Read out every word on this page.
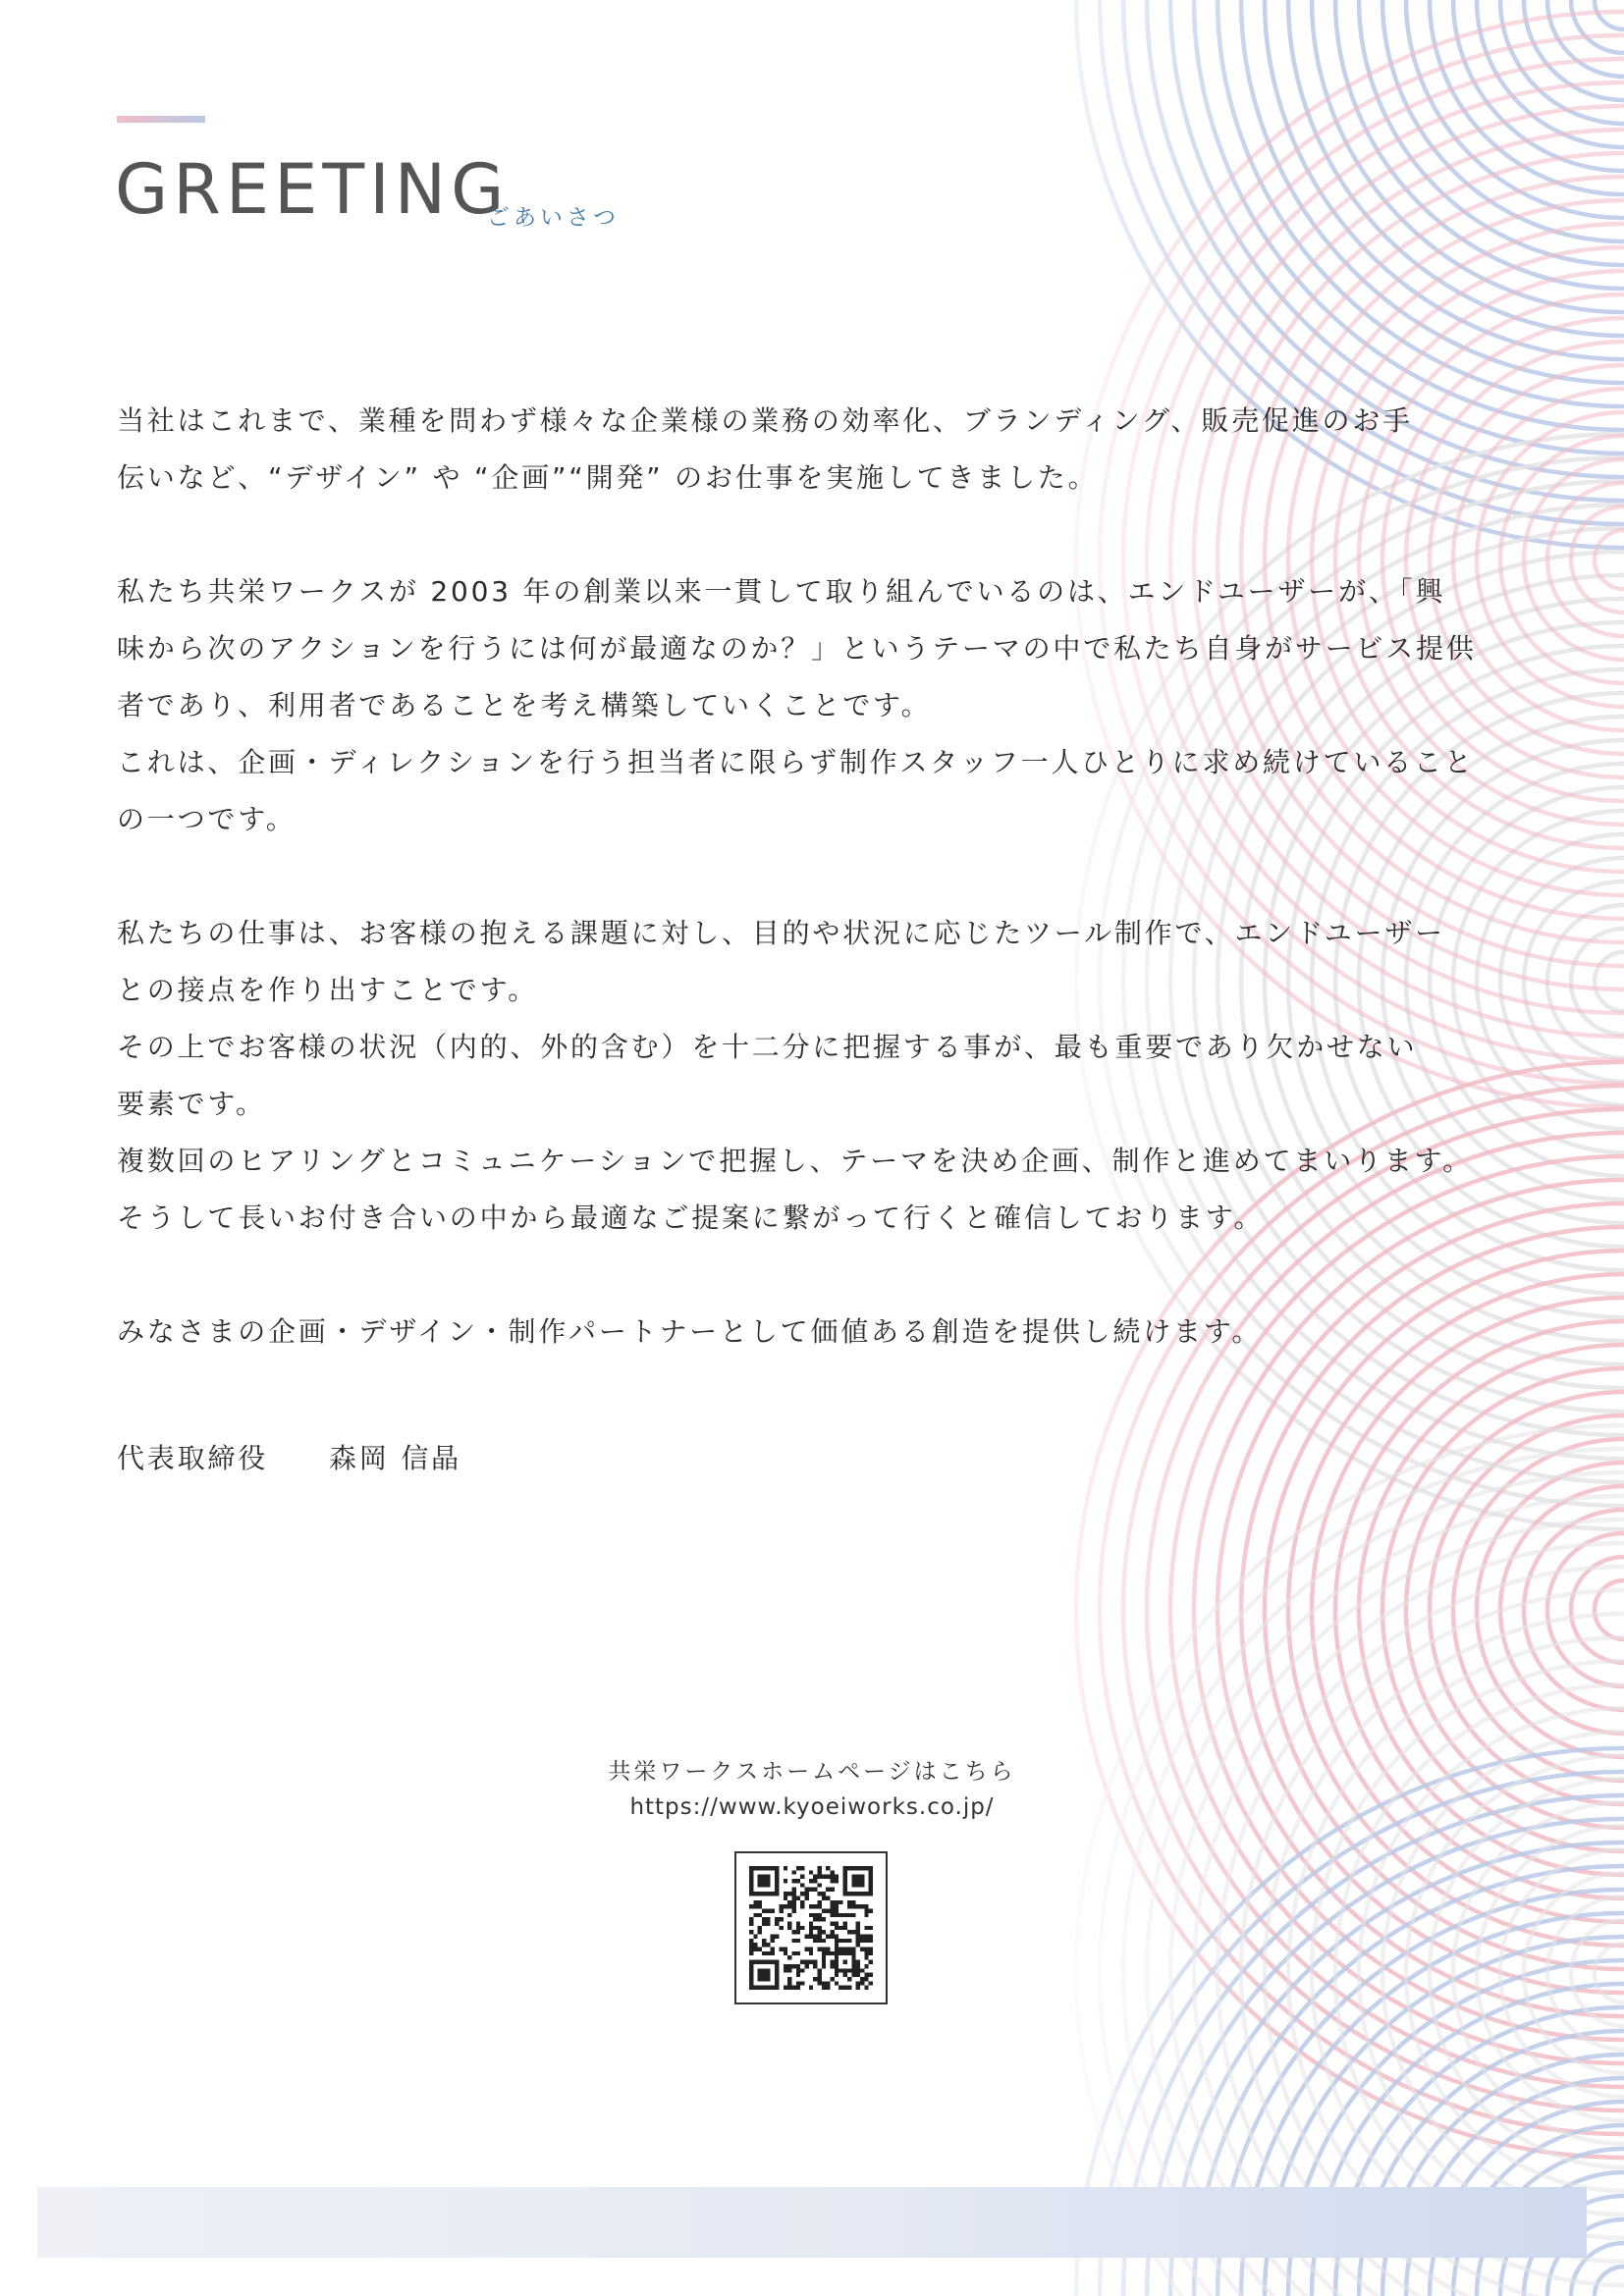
GREETING
ごあいさつ
当社はこれまで、業種を問わず様々な企業様の業務の効率化、ブランディング、販売促進のお手
伝いなど、“デザイン” や “企画”“開発” のお仕事を実施してきました。
私たち共栄ワークスが 2003 年の創業以来一貫して取り組んでいるのは、エンドユーザーが、「興
味から次のアクションを行うには何が最適なのか？」というテーマの中で私たち自身がサービス提供
者であり、利用者であることを考え構築していくことです。
これは、企画・ディレクションを行う担当者に限らず制作スタッフ一人ひとりに求め続けていること
の一つです。
私たちの仕事は、お客様の抱える課題に対し、目的や状況に応じたツール制作で、エンドユーザー
との接点を作り出すことです。
その上でお客様の状況（内的、外的含む）を十二分に把握する事が、最も重要であり欠かせない
要素です。
複数回のヒアリングとコミュニケーションで把握し、テーマを決め企画、制作と進めてまいります。
そうして長いお付き合いの中から最適なご提案に繋がって行くと確信しております。
みなさまの企画・デザイン・制作パートナーとして価値ある創造を提供し続けます。
代表取締役 森岡 信晶
共栄ワークスホームページはこちら
https://www.kyoeiworks.co.jp/
